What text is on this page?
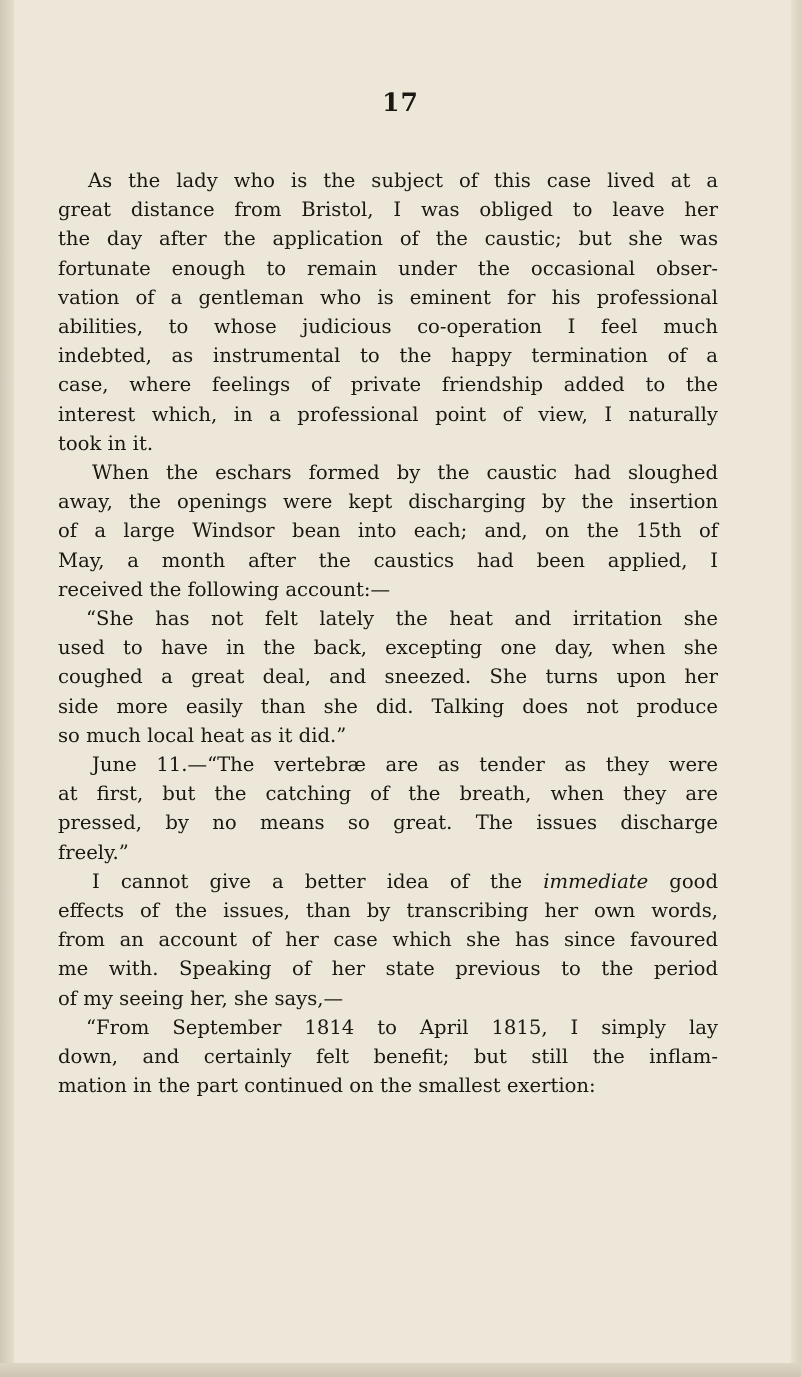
17
As the lady who is the subject of this case lived at a
great distance from Bristol, I was obliged to leave her
the day after the application of the caustic; but she was
fortunate enough to remain under the occasional obser-
vation of a gentleman who is eminent for his professional
abilities, to whose judicious co-operation I feel much
indebted, as instrumental to the happy termination of a
case, where feelings of private friendship added to the
interest which, in a professional point of view, I naturally
took in it.
When the eschars formed by the caustic had sloughed
away, the openings were kept discharging by the insertion
of a large Windsor bean into each; and, on the 15th of
May, a month after the caustics had been applied, I
received the following account:—
“She has not felt lately the heat and irritation she
used to have in the back, excepting one day, when she
coughed a great deal, and sneezed. She turns upon her
side more easily than she did. Talking does not produce
so much local heat as it did.”
June 11.—“The vertebræ are as tender as they were
at first, but the catching of the breath, when they are
pressed, by no means so great. The issues discharge
freely.”
I cannot give a better idea of the immediate good
effects of the issues, than by transcribing her own words,
from an account of her case which she has since favoured
me with. Speaking of her state previous to the period
of my seeing her, she says,—
“From September 1814 to April 1815, I simply lay
down, and certainly felt benefit; but still the inflam-
mation in the part continued on the smallest exertion:
